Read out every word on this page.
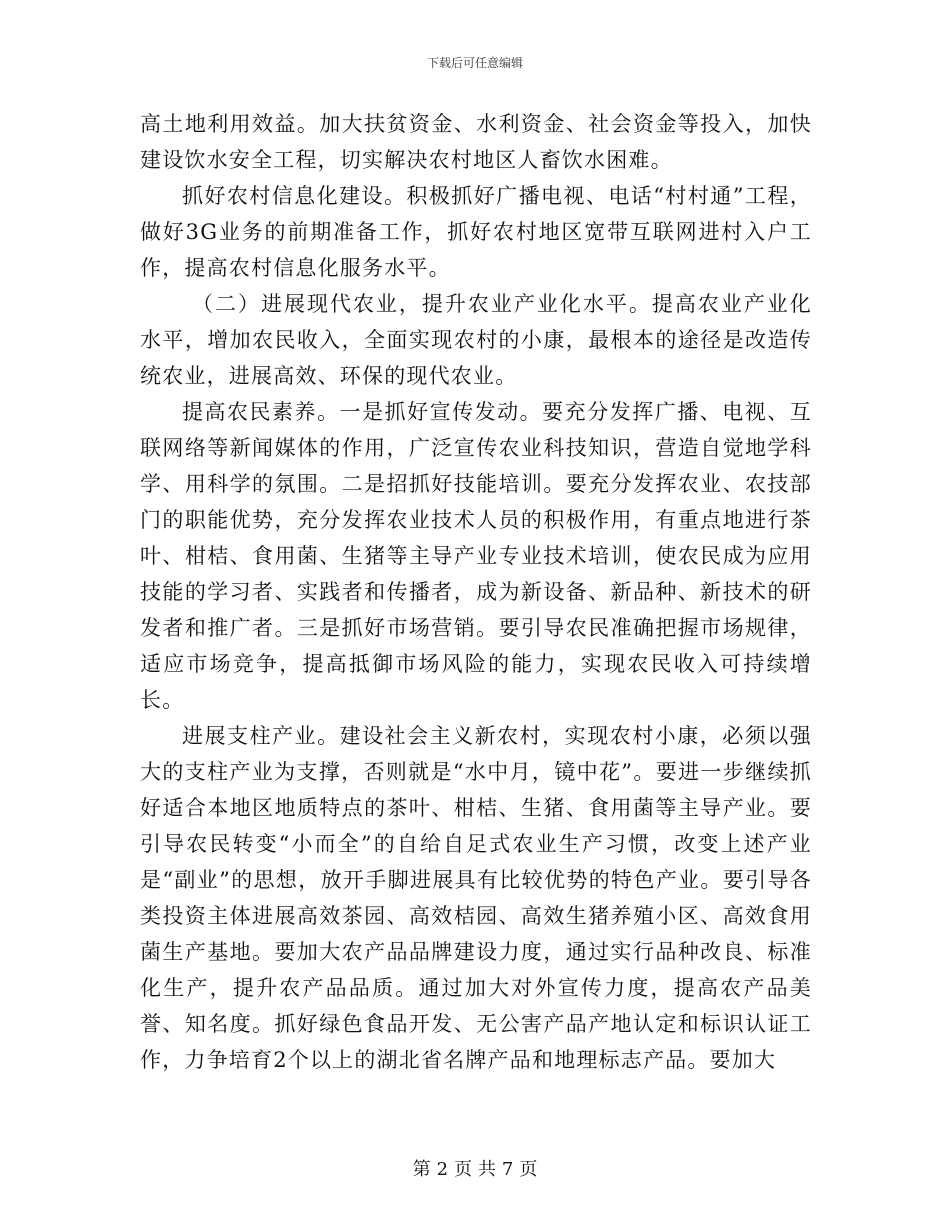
下载后可任意编辑

高土地利用效益。加大扶贫资金、水利资金、社会资金等投入，加快建设饮水安全工程，切实解决农村地区人畜饮水困难。

抓好农村信息化建设。积极抓好广播电视、电话“村村通”工程，做好3G业务的前期准备工作，抓好农村地区宽带互联网进村入户工作，提高农村信息化服务水平。

（二）进展现代农业，提升农业产业化水平。提高农业产业化水平，增加农民收入，全面实现农村的小康，最根本的途径是改造传统农业，进展高效、环保的现代农业。

提高农民素养。一是抓好宣传发动。要充分发挥广播、电视、互联网络等新闻媒体的作用，广泛宣传农业科技知识，营造自觉地学科学、用科学的氛围。二是招抓好技能培训。要充分发挥农业、农技部门的职能优势，充分发挥农业技术人员的积极作用，有重点地进行茶叶、柑桔、食用菌、生猪等主导产业专业技术培训，使农民成为应用技能的学习者、实践者和传播者，成为新设备、新品种、新技术的研发者和推广者。三是抓好市场营销。要引导农民准确把握市场规律，适应市场竞争，提高抵御市场风险的能力，实现农民收入可持续增长。

进展支柱产业。建设社会主义新农村，实现农村小康，必须以强大的支柱产业为支撑，否则就是“水中月，镜中花”。要进一步继续抓好适合本地区地质特点的茶叶、柑桔、生猪、食用菌等主导产业。要引导农民转变“小而全”的自给自足式农业生产习惯，改变上述产业是“副业”的思想，放开手脚进展具有比较优势的特色产业。要引导各类投资主体进展高效茶园、高效桔园、高效生猪养殖小区、高效食用菌生产基地。要加大农产品品牌建设力度，通过实行品种改良、标准化生产，提升农产品品质。通过加大对外宣传力度，提高农产品美誉、知名度。抓好绿色食品开发、无公害产品产地认定和标识认证工作，力争培育2个以上的湖北省名牌产品和地理标志产品。要加大

第 2 页 共 7 页
